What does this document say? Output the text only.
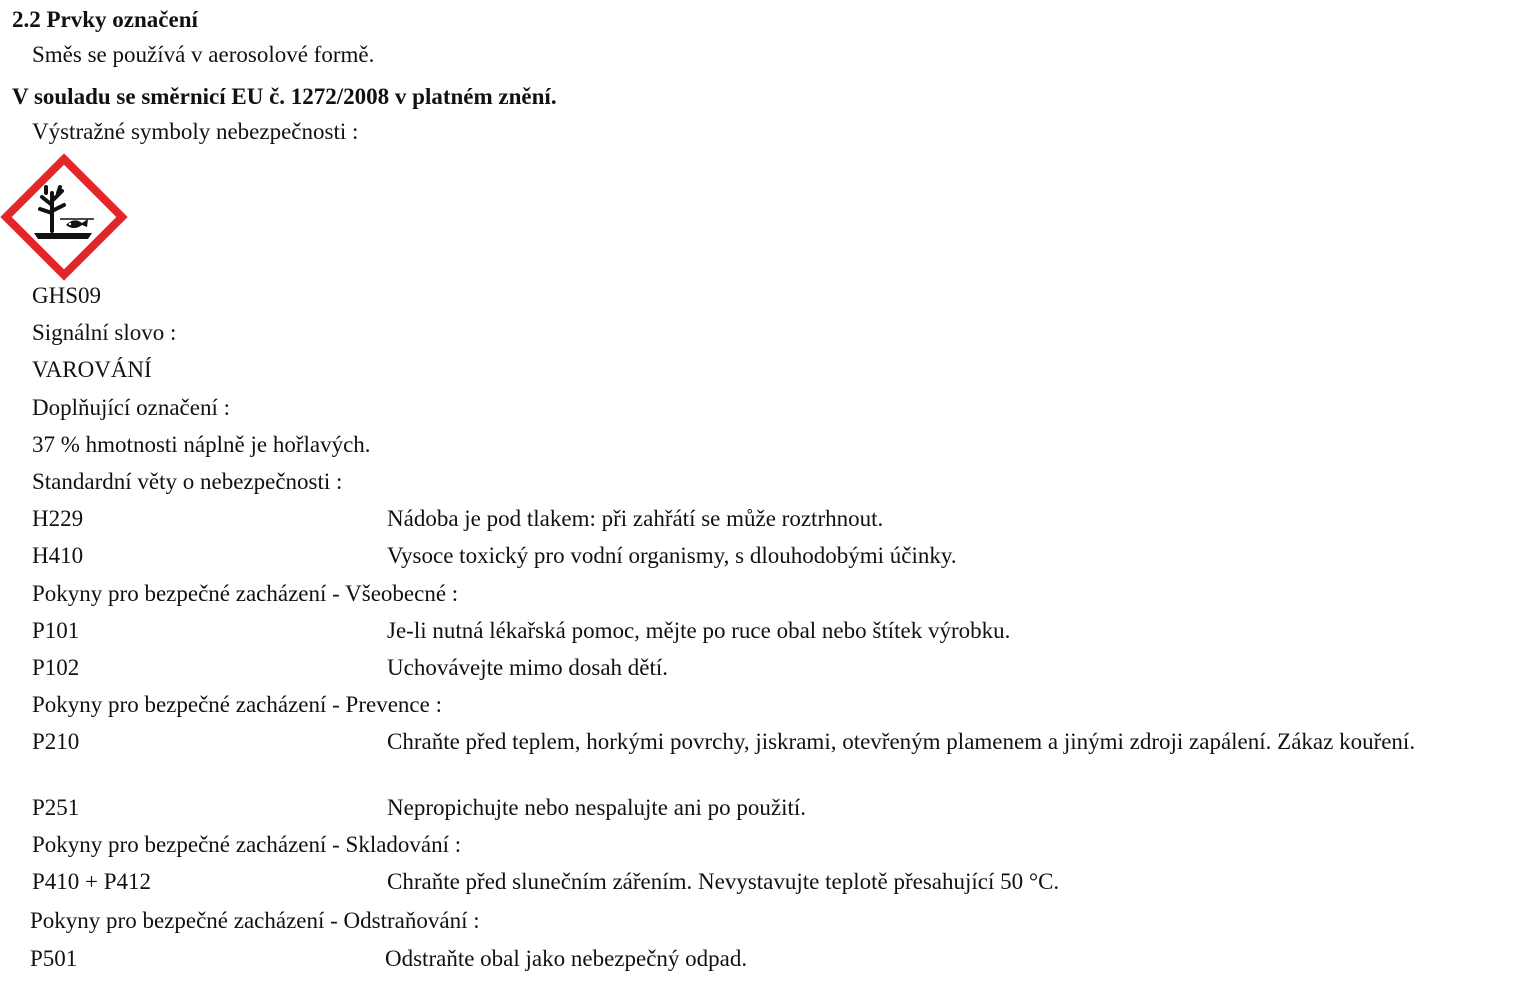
2.2 Prvky označení
Směs se používá v aerosolové formě.
V souladu se směrnicí EU č. 1272/2008 v platném znění.
Výstražné symboly nebezpečnosti :
GHS09
Signální slovo :
VAROVÁNÍ
Doplňující označení :
37 % hmotnosti náplně je hořlavých.
Standardní věty o nebezpečnosti :
H229	Nádoba je pod tlakem: při zahřátí se může roztrhnout.
H410	Vysoce toxický pro vodní organismy, s dlouhodobými účinky.
Pokyny pro bezpečné zacházení - Všeobecné :
P101	Je-li nutná lékařská pomoc, mějte po ruce obal nebo štítek výrobku.
P102	Uchovávejte mimo dosah dětí.
Pokyny pro bezpečné zacházení - Prevence :
P210	Chraňte před teplem, horkými povrchy, jiskrami, otevřeným plamenem a jinými zdroji zapálení. Zákaz kouření.
P251	Nepropichujte nebo nespalujte ani po použití.
Pokyny pro bezpečné zacházení - Skladování :
P410 + P412	Chraňte před slunečním zářením. Nevystavujte teplotě přesahující 50 °C.
Pokyny pro bezpečné zacházení - Odstraňování :
P501	Odstraňte obal jako nebezpečný odpad.
